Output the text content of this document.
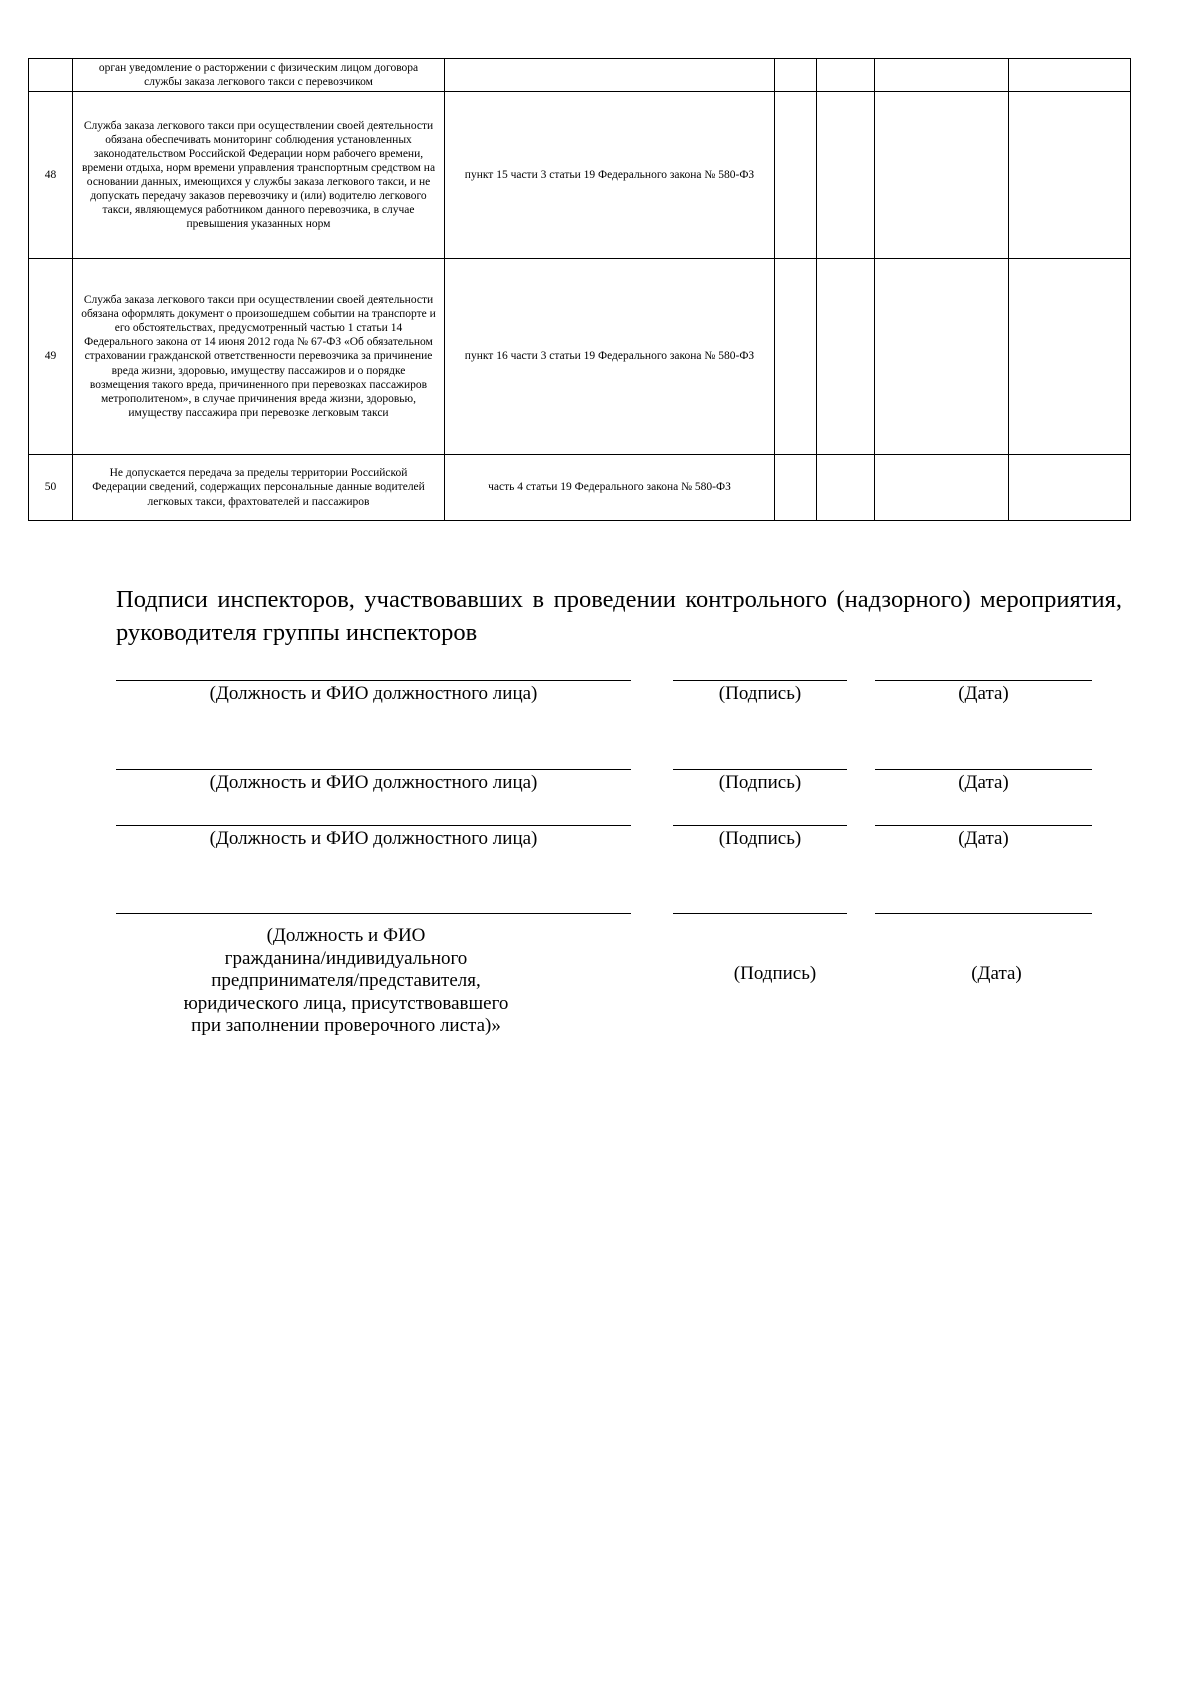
	орган уведомление о расторжении с физическим лицом договора службы заказа легкового такси с перевозчиком					
48	Служба заказа легкового такси при осуществлении своей деятельности обязана обеспечивать мониторинг соблюдения установленных законодательством Российской Федерации норм рабочего времени, времени отдыха, норм времени управления транспортным средством на основании данных, имеющихся у службы заказа легкового такси, и не допускать передачу заказов перевозчику и (или) водителю легкового такси, являющемуся работником данного перевозчика, в случае превышения указанных норм	пункт 15 части 3 статьи 19 Федерального закона № 580-ФЗ				
49	Служба заказа легкового такси при осуществлении своей деятельности обязана оформлять документ о произошедшем событии на транспорте и его обстоятельствах, предусмотренный частью 1 статьи 14 Федерального закона от 14 июня 2012 года № 67-ФЗ «Об обязательном страховании гражданской ответственности перевозчика за причинение вреда жизни, здоровью, имуществу пассажиров и о порядке возмещения такого вреда, причиненного при перевозках пассажиров метрополитеном», в случае причинения вреда жизни, здоровью, имуществу пассажира при перевозке легковым такси	пункт 16 части 3 статьи 19 Федерального закона № 580-ФЗ				
50	Не допускается передача за пределы территории Российской Федерации сведений, содержащих персональные данные водителей легковых такси, фрахтователей и пассажиров	часть 4 статьи 19 Федерального закона № 580-ФЗ				
Подписи инспекторов, участвовавших в проведении контрольного (надзорного) мероприятия, руководителя группы инспекторов
(Должность и ФИО должностного лица)	(Подпись)	(Дата)
(Должность и ФИО должностного лица)	(Подпись)	(Дата)
(Должность и ФИО должностного лица)	(Подпись)	(Дата)
(Должность и ФИО
гражданина/индивидуального
предпринимателя/представителя,
юридического лица, присутствовавшего
при заполнении проверочного листа)»
(Подпись)	(Дата)
